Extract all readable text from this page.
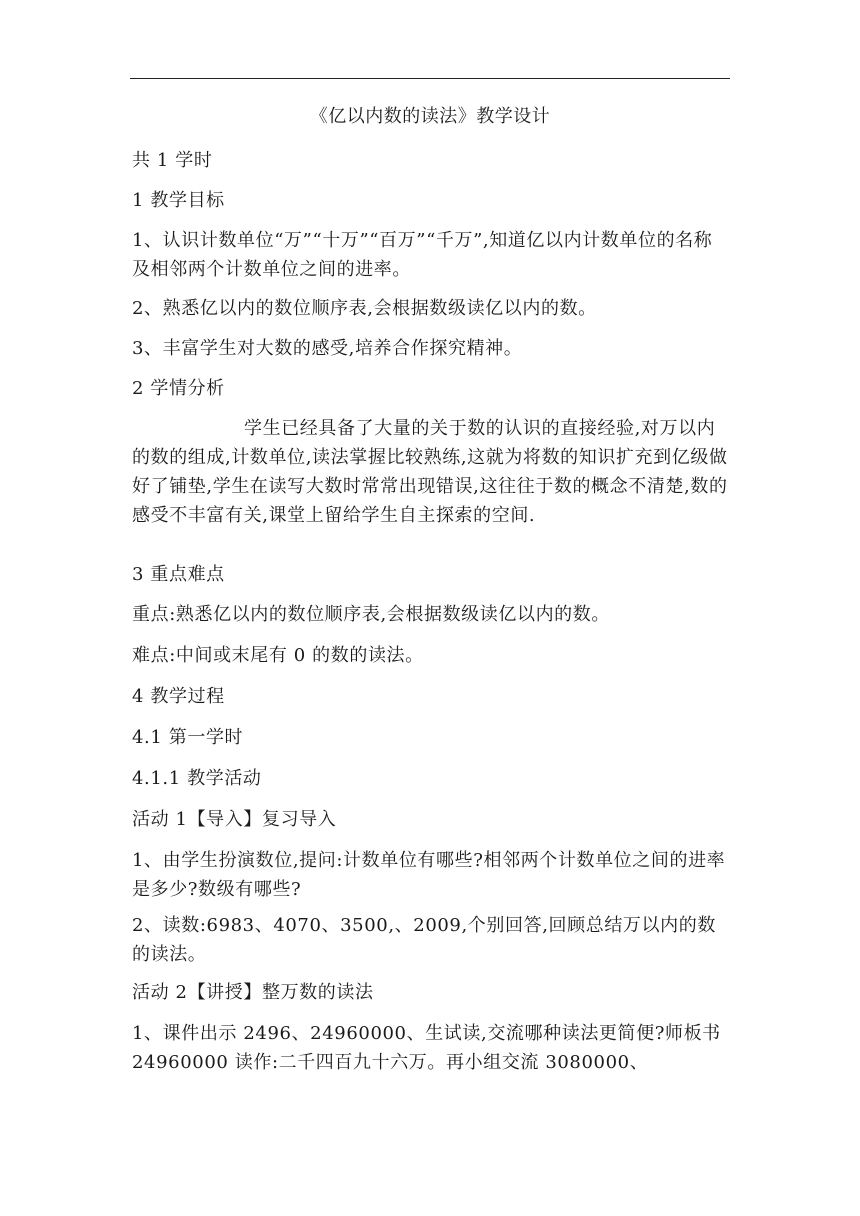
《亿以内数的读法》教学设计

共 1 学时

1 教学目标

1、认识计数单位“万”“十万”“百万”“千万”,知道亿以内计数单位的名称及相邻两个计数单位之间的进率。

2、熟悉亿以内的数位顺序表,会根据数级读亿以内的数。

3、丰富学生对大数的感受,培养合作探究精神。

2 学情分析

学生已经具备了大量的关于数的认识的直接经验,对万以内的数的组成,计数单位,读法掌握比较熟练,这就为将数的知识扩充到亿级做好了铺垫,学生在读写大数时常常出现错误,这往往于数的概念不清楚,数的感受不丰富有关,课堂上留给学生自主探索的空间.

3 重点难点

重点:熟悉亿以内的数位顺序表,会根据数级读亿以内的数。

难点:中间或末尾有 0 的数的读法。

4 教学过程

4.1 第一学时

4.1.1 教学活动

活动 1【导入】复习导入

1、由学生扮演数位,提问:计数单位有哪些?相邻两个计数单位之间的进率是多少?数级有哪些?

2、读数:6983、4070、3500,、2009,个别回答,回顾总结万以内的数的读法。

活动 2【讲授】整万数的读法

1、课件出示 2496、24960000、生试读,交流哪种读法更简便?师板书 24960000 读作:二千四百九十六万。再小组交流 3080000、
